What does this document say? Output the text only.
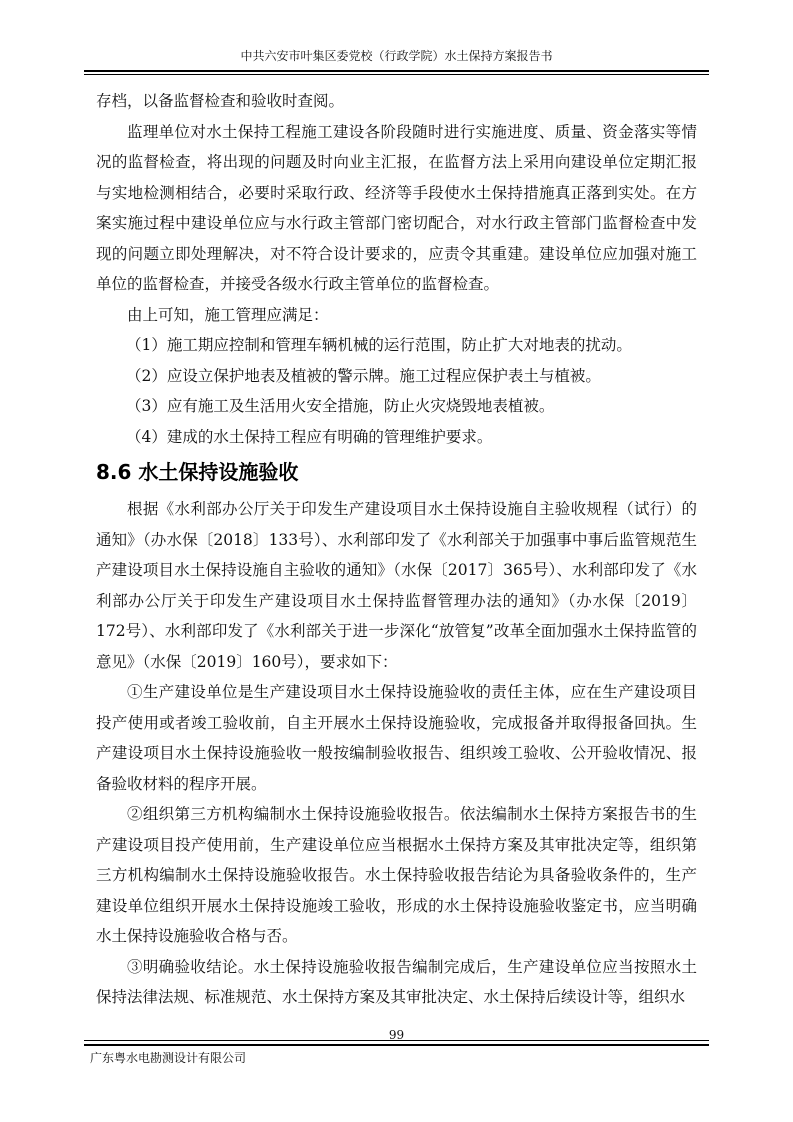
中共六安市叶集区委党校（行政学院）水土保持方案报告书

存档，以备监督检查和验收时查阅。

监理单位对水土保持工程施工建设各阶段随时进行实施进度、质量、资金落实等情况的监督检查，将出现的问题及时向业主汇报，在监督方法上采用向建设单位定期汇报与实地检测相结合，必要时采取行政、经济等手段使水土保持措施真正落到实处。在方案实施过程中建设单位应与水行政主管部门密切配合，对水行政主管部门监督检查中发现的问题立即处理解决，对不符合设计要求的，应责令其重建。建设单位应加强对施工单位的监督检查，并接受各级水行政主管单位的监督检查。

由上可知，施工管理应满足：

（1）施工期应控制和管理车辆机械的运行范围，防止扩大对地表的扰动。

（2）应设立保护地表及植被的警示牌。施工过程应保护表土与植被。

（3）应有施工及生活用火安全措施，防止火灾烧毁地表植被。

（4）建成的水土保持工程应有明确的管理维护要求。

8.6 水土保持设施验收

根据《水利部办公厅关于印发生产建设项目水土保持设施自主验收规程（试行）的通知》（办水保〔2018〕133号）、水利部印发了《水利部关于加强事中事后监管规范生产建设项目水土保持设施自主验收的通知》（水保〔2017〕365号）、水利部印发了《水利部办公厅关于印发生产建设项目水土保持监督管理办法的通知》（办水保〔2019〕172号）、水利部印发了《水利部关于进一步深化“放管复”改革全面加强水土保持监管的意见》（水保〔2019〕160号），要求如下：

①生产建设单位是生产建设项目水土保持设施验收的责任主体，应在生产建设项目投产使用或者竣工验收前，自主开展水土保持设施验收，完成报备并取得报备回执。生产建设项目水土保持设施验收一般按编制验收报告、组织竣工验收、公开验收情况、报备验收材料的程序开展。

②组织第三方机构编制水土保持设施验收报告。依法编制水土保持方案报告书的生产建设项目投产使用前，生产建设单位应当根据水土保持方案及其审批决定等，组织第三方机构编制水土保持设施验收报告。水土保持验收报告结论为具备验收条件的，生产建设单位组织开展水土保持设施竣工验收，形成的水土保持设施验收鉴定书，应当明确水土保持设施验收合格与否。

③明确验收结论。水土保持设施验收报告编制完成后，生产建设单位应当按照水土保持法律法规、标准规范、水土保持方案及其审批决定、水土保持后续设计等，组织水

99
广东粤水电勘测设计有限公司
